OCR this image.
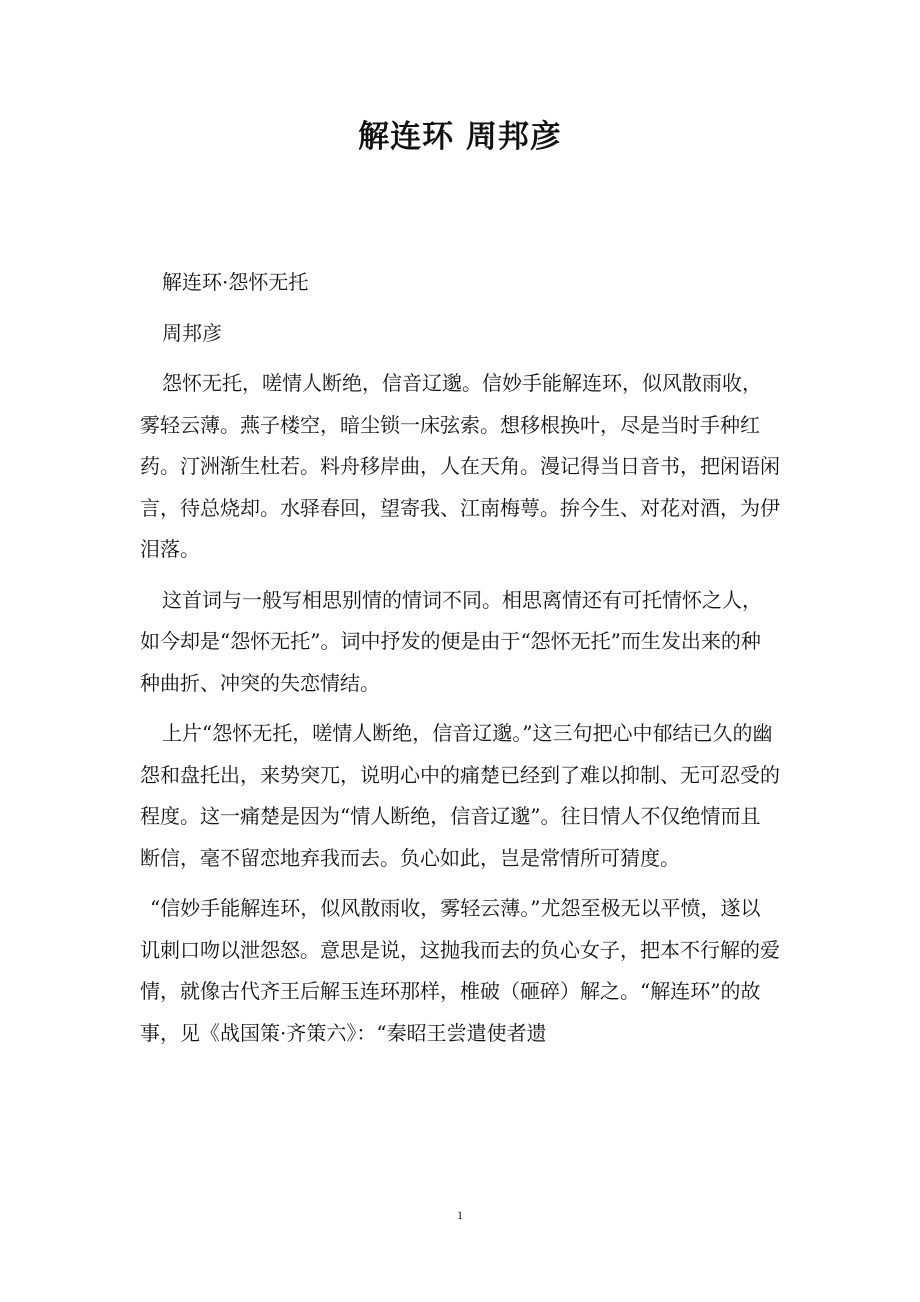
解连环 周邦彦

解连环·怨怀无托

周邦彦

怨怀无托，嗟情人断绝，信音辽邈。信妙手能解连环，似风散雨收，雾轻云薄。燕子楼空，暗尘锁一床弦索。想移根换叶，尽是当时手种红药。汀洲渐生杜若。料舟移岸曲，人在天角。漫记得当日音书，把闲语闲言，待总烧却。水驿春回，望寄我、江南梅萼。拚今生、对花对酒，为伊泪落。

这首词与一般写相思别情的情词不同。相思离情还有可托情怀之人，如今却是“怨怀无托”。词中抒发的便是由于“怨怀无托”而生发出来的种种曲折、冲突的失恋情结。

上片“怨怀无托，嗟情人断绝，信音辽邈。”这三句把心中郁结已久的幽怨和盘托出，来势突兀，说明心中的痛楚已经到了难以抑制、无可忍受的程度。这一痛楚是因为“情人断绝，信音辽邈”。往日情人不仅绝情而且断信，毫不留恋地弃我而去。负心如此，岂是常情所可猜度。

“信妙手能解连环，似风散雨收，雾轻云薄。”尤怨至极无以平愤，遂以讥刺口吻以泄怨怒。意思是说，这抛我而去的负心女子，把本不行解的爱情，就像古代齐王后解玉连环那样，椎破（砸碎）解之。“解连环”的故事，见《战国策·齐策六》：“秦昭王尝遣使者遗

1
